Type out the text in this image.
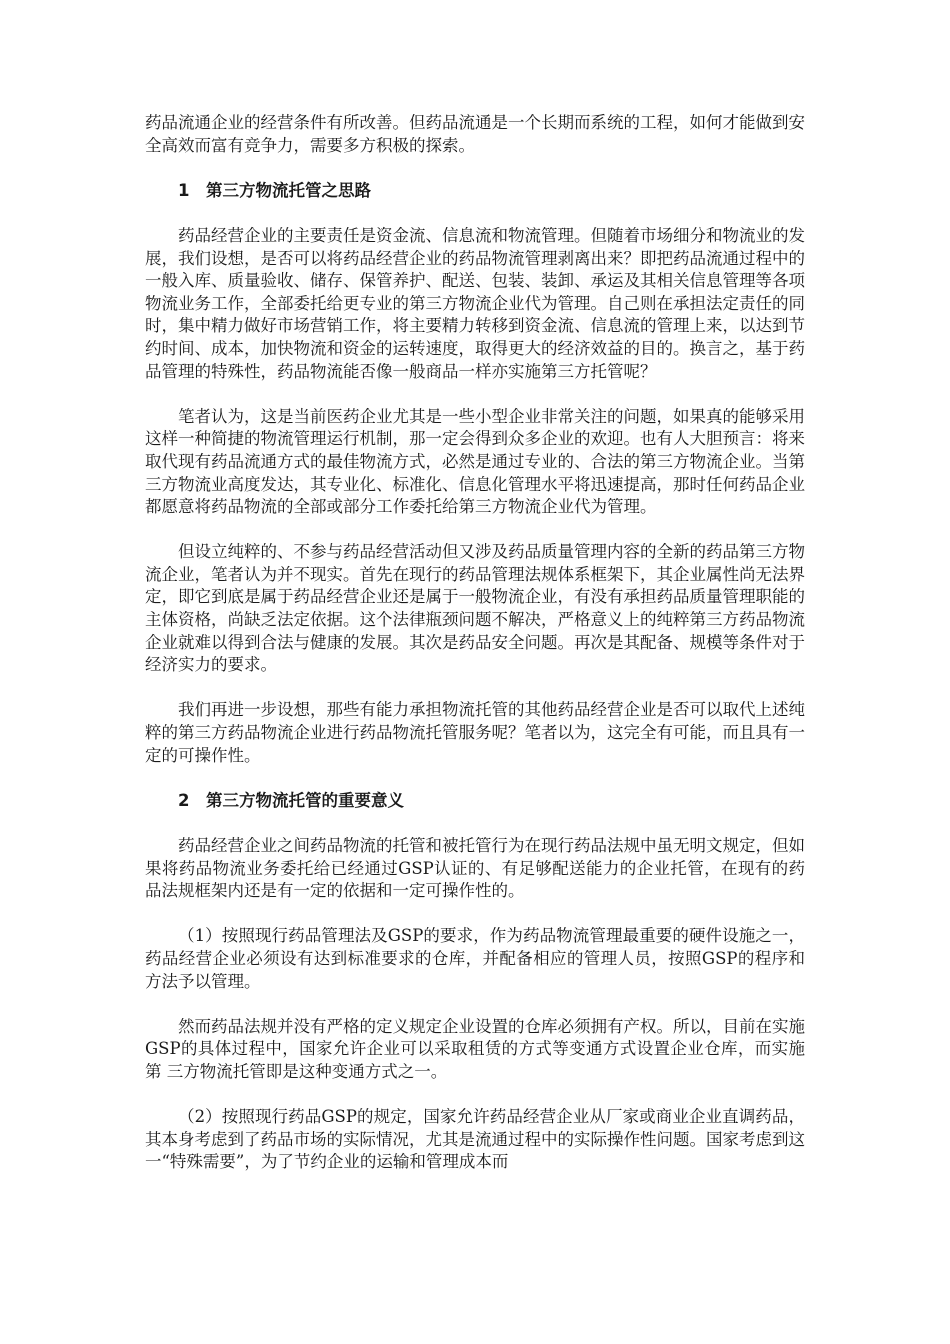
药品流通企业的经营条件有所改善。但药品流通是一个长期而系统的工程，如何才能做到安全高效而富有竞争力，需要多方积极的探索。

1 第三方物流托管之思路

药品经营企业的主要责任是资金流、信息流和物流管理。但随着市场细分和物流业的发展，我们设想，是否可以将药品经营企业的药品物流管理剥离出来？即把药品流通过程中的一般入库、质量验收、储存、保管养护、配送、包装、装卸、承运及其相关信息管理等各项物流业务工作，全部委托给更专业的第三方物流企业代为管理。自己则在承担法定责任的同时，集中精力做好市场营销工作，将主要精力转移到资金流、信息流的管理上来，以达到节约时间、成本，加快物流和资金的运转速度，取得更大的经济效益的目的。换言之，基于药品管理的特殊性，药品物流能否像一般商品一样亦实施第三方托管呢？

笔者认为，这是当前医药企业尤其是一些小型企业非常关注的问题，如果真的能够采用这样一种简捷的物流管理运行机制，那一定会得到众多企业的欢迎。也有人大胆预言：将来取代现有药品流通方式的最佳物流方式，必然是通过专业的、合法的第三方物流企业。当第三方物流业高度发达，其专业化、标准化、信息化管理水平将迅速提高，那时任何药品企业都愿意将药品物流的全部或部分工作委托给第三方物流企业代为管理。

但设立纯粹的、不参与药品经营活动但又涉及药品质量管理内容的全新的药品第三方物流企业，笔者认为并不现实。首先在现行的药品管理法规体系框架下，其企业属性尚无法界定，即它到底是属于药品经营企业还是属于一般物流企业，有没有承担药品质量管理职能的主体资格，尚缺乏法定依据。这个法律瓶颈问题不解决，严格意义上的纯粹第三方药品物流企业就难以得到合法与健康的发展。其次是药品安全问题。再次是其配备、规模等条件对于经济实力的要求。

我们再进一步设想，那些有能力承担物流托管的其他药品经营企业是否可以取代上述纯粹的第三方药品物流企业进行药品物流托管服务呢？笔者以为，这完全有可能，而且具有一定的可操作性。

2 第三方物流托管的重要意义

药品经营企业之间药品物流的托管和被托管行为在现行药品法规中虽无明文规定，但如果将药品物流业务委托给已经通过GSP认证的、有足够配送能力的企业托管，在现有的药品法规框架内还是有一定的依据和一定可操作性的。

（1）按照现行药品管理法及GSP的要求，作为药品物流管理最重要的硬件设施之一，药品经营企业必须设有达到标准要求的仓库，并配备相应的管理人员，按照GSP的程序和方法予以管理。

然而药品法规并没有严格的定义规定企业设置的仓库必须拥有产权。所以，目前在实施GSP的具体过程中，国家允许企业可以采取租赁的方式等变通方式设置企业仓库，而实施第 三方物流托管即是这种变通方式之一。

（2）按照现行药品GSP的规定，国家允许药品经营企业从厂家或商业企业直调药品，其本身考虑到了药品市场的实际情况，尤其是流通过程中的实际操作性问题。国家考虑到这一“特殊需要”，为了节约企业的运输和管理成本而
